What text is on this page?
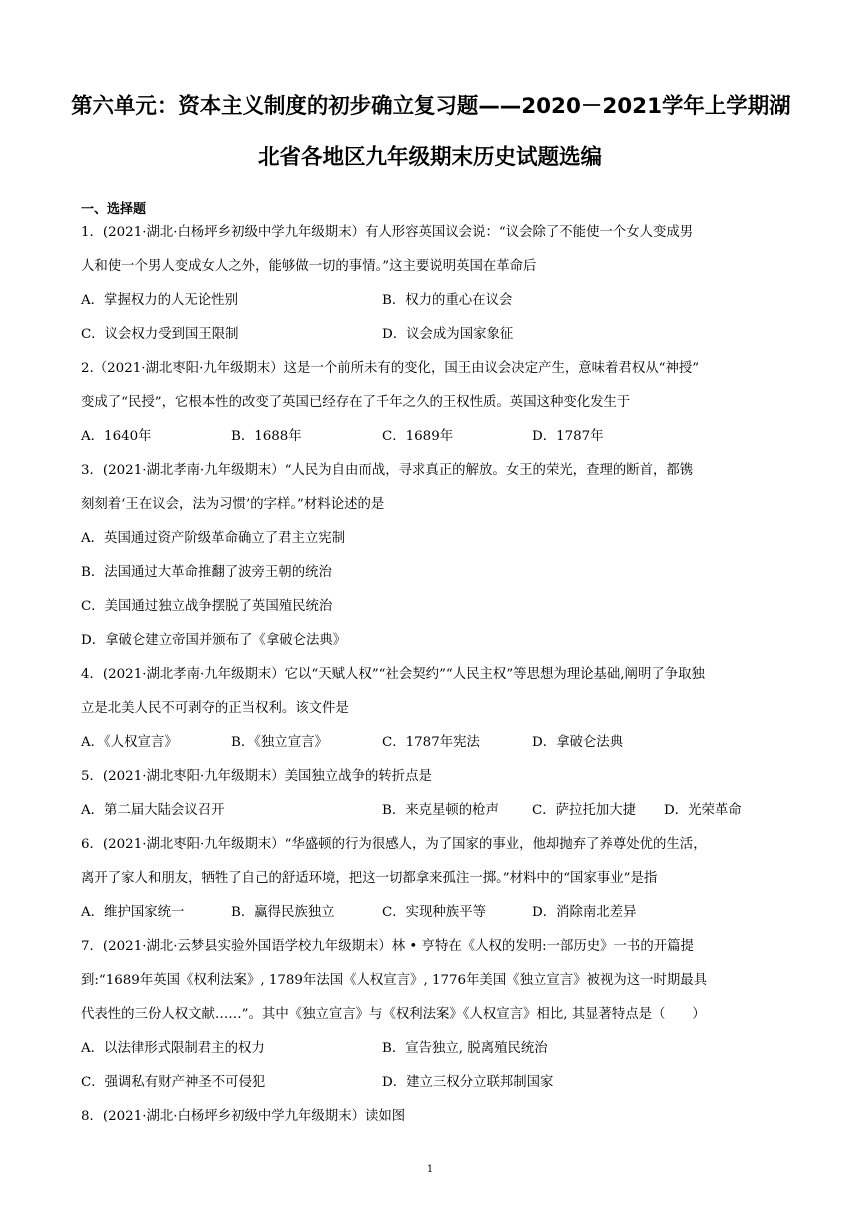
第六单元：资本主义制度的初步确立复习题——2020－2021学年上学期湖
北省各地区九年级期末历史试题选编
一、选择题
1．(2021·湖北·白杨坪乡初级中学九年级期末）有人形容英国议会说：“议会除了不能使一个女人变成男
人和使一个男人变成女人之外，能够做一切的事情。”这主要说明英国在革命后
A．掌握权力的人无论性别	B．权力的重心在议会
C．议会权力受到国王限制	D．议会成为国家象征
2.（2021·湖北枣阳·九年级期末）这是一个前所未有的变化，国王由议会决定产生，意味着君权从“神授”
变成了“民授”，它根本性的改变了英国已经存在了千年之久的王权性质。英国这种变化发生于
A．1640年	B．1688年	C．1689年	D．1787年
3．(2021·湖北孝南·九年级期末）“人民为自由而战，寻求真正的解放。女王的荣光，查理的断首，都镌
刻刻着‘王在议会，法为习惯’的字样。”材料论述的是
A．英国通过资产阶级革命确立了君主立宪制
B．法国通过大革命推翻了波旁王朝的统治
C．美国通过独立战争摆脱了英国殖民统治
D．拿破仑建立帝国并颁布了《拿破仑法典》
4．(2021·湖北孝南·九年级期末）它以“天赋人权”“社会契约”“人民主权”等思想为理论基础,阐明了争取独
立是北美人民不可剥夺的正当权利。该文件是
A．《人权宣言》	B．《独立宣言》	C．1787年宪法	D．拿破仑法典
5．(2021·湖北枣阳·九年级期末）美国独立战争的转折点是
A．第二届大陆会议召开	B．来克星顿的枪声 C．萨拉托加大捷 D．光荣革命
6．(2021·湖北枣阳·九年级期末）“华盛顿的行为很感人，为了国家的事业，他却抛弃了养尊处优的生活，
离开了家人和朋友，牺牲了自己的舒适环境，把这一切都拿来孤注一掷。”材料中的“国家事业”是指
A．维护国家统一	B．赢得民族独立	C．实现种族平等	D．消除南北差异
7．(2021·湖北·云梦县实验外国语学校九年级期末）林 • 亨特在《人权的发明:一部历史》一书的开篇提
到:“1689年英国《权利法案》, 1789年法国《人权宣言》, 1776年美国《独立宣言》被视为这一时期最具
代表性的三份人权文献……”。其中《独立宣言》与《权利法案》《人权宣言》相比, 其显著特点是（　　）
A．以法律形式限制君主的权力	B．宣告独立, 脱离殖民统治
C．强调私有财产神圣不可侵犯	D．建立三权分立联邦制国家
8．(2021·湖北·白杨坪乡初级中学九年级期末）读如图
1
